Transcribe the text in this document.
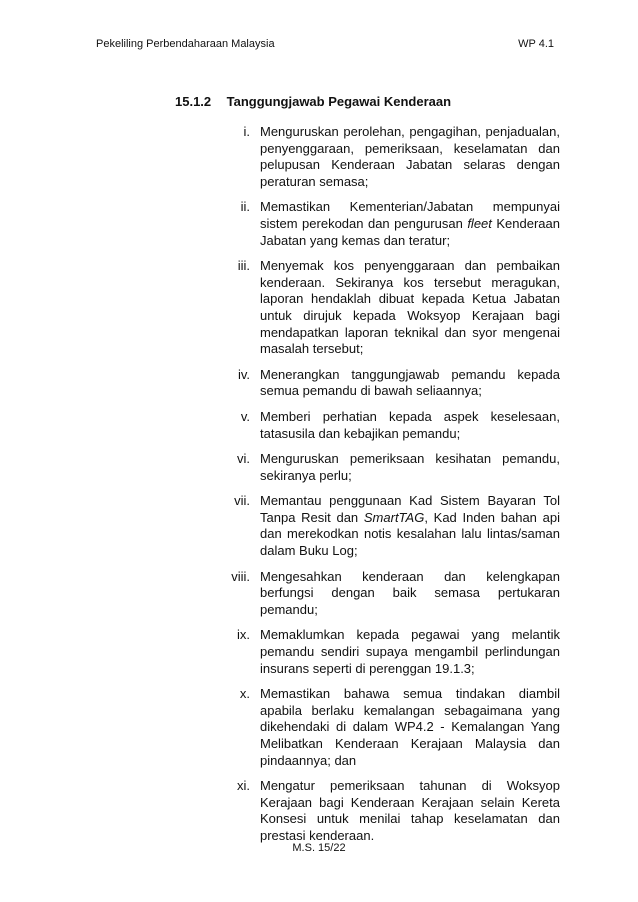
Pekeliling Perbendaharaan Malaysia	WP 4.1
15.1.2 Tanggungjawab Pegawai Kenderaan
i. Menguruskan perolehan, pengagihan, penjadualan, penyenggaraan, pemeriksaan, keselamatan dan pelupusan Kenderaan Jabatan selaras dengan peraturan semasa;
ii. Memastikan Kementerian/Jabatan mempunyai sistem perekodan dan pengurusan fleet Kenderaan Jabatan yang kemas dan teratur;
iii. Menyemak kos penyenggaraan dan pembaikan kenderaan. Sekiranya kos tersebut meragukan, laporan hendaklah dibuat kepada Ketua Jabatan untuk dirujuk kepada Woksyop Kerajaan bagi mendapatkan laporan teknikal dan syor mengenai masalah tersebut;
iv. Menerangkan tanggungjawab pemandu kepada semua pemandu di bawah seliaannya;
v. Memberi perhatian kepada aspek keselesaan, tatasusila dan kebajikan pemandu;
vi. Menguruskan pemeriksaan kesihatan pemandu, sekiranya perlu;
vii. Memantau penggunaan Kad Sistem Bayaran Tol Tanpa Resit dan SmartTAG, Kad Inden bahan api dan merekodkan notis kesalahan lalu lintas/saman dalam Buku Log;
viii. Mengesahkan kenderaan dan kelengkapan berfungsi dengan baik semasa pertukaran pemandu;
ix. Memaklumkan kepada pegawai yang melantik pemandu sendiri supaya mengambil perlindungan insurans seperti di perenggan 19.1.3;
x. Memastikan bahawa semua tindakan diambil apabila berlaku kemalangan sebagaimana yang dikehendaki di dalam WP4.2 - Kemalangan Yang Melibatkan Kenderaan Kerajaan Malaysia dan pindaannya; dan
xi. Mengatur pemeriksaan tahunan di Woksyop Kerajaan bagi Kenderaan Kerajaan selain Kereta Konsesi untuk menilai tahap keselamatan dan prestasi kenderaan.
M.S. 15/22
